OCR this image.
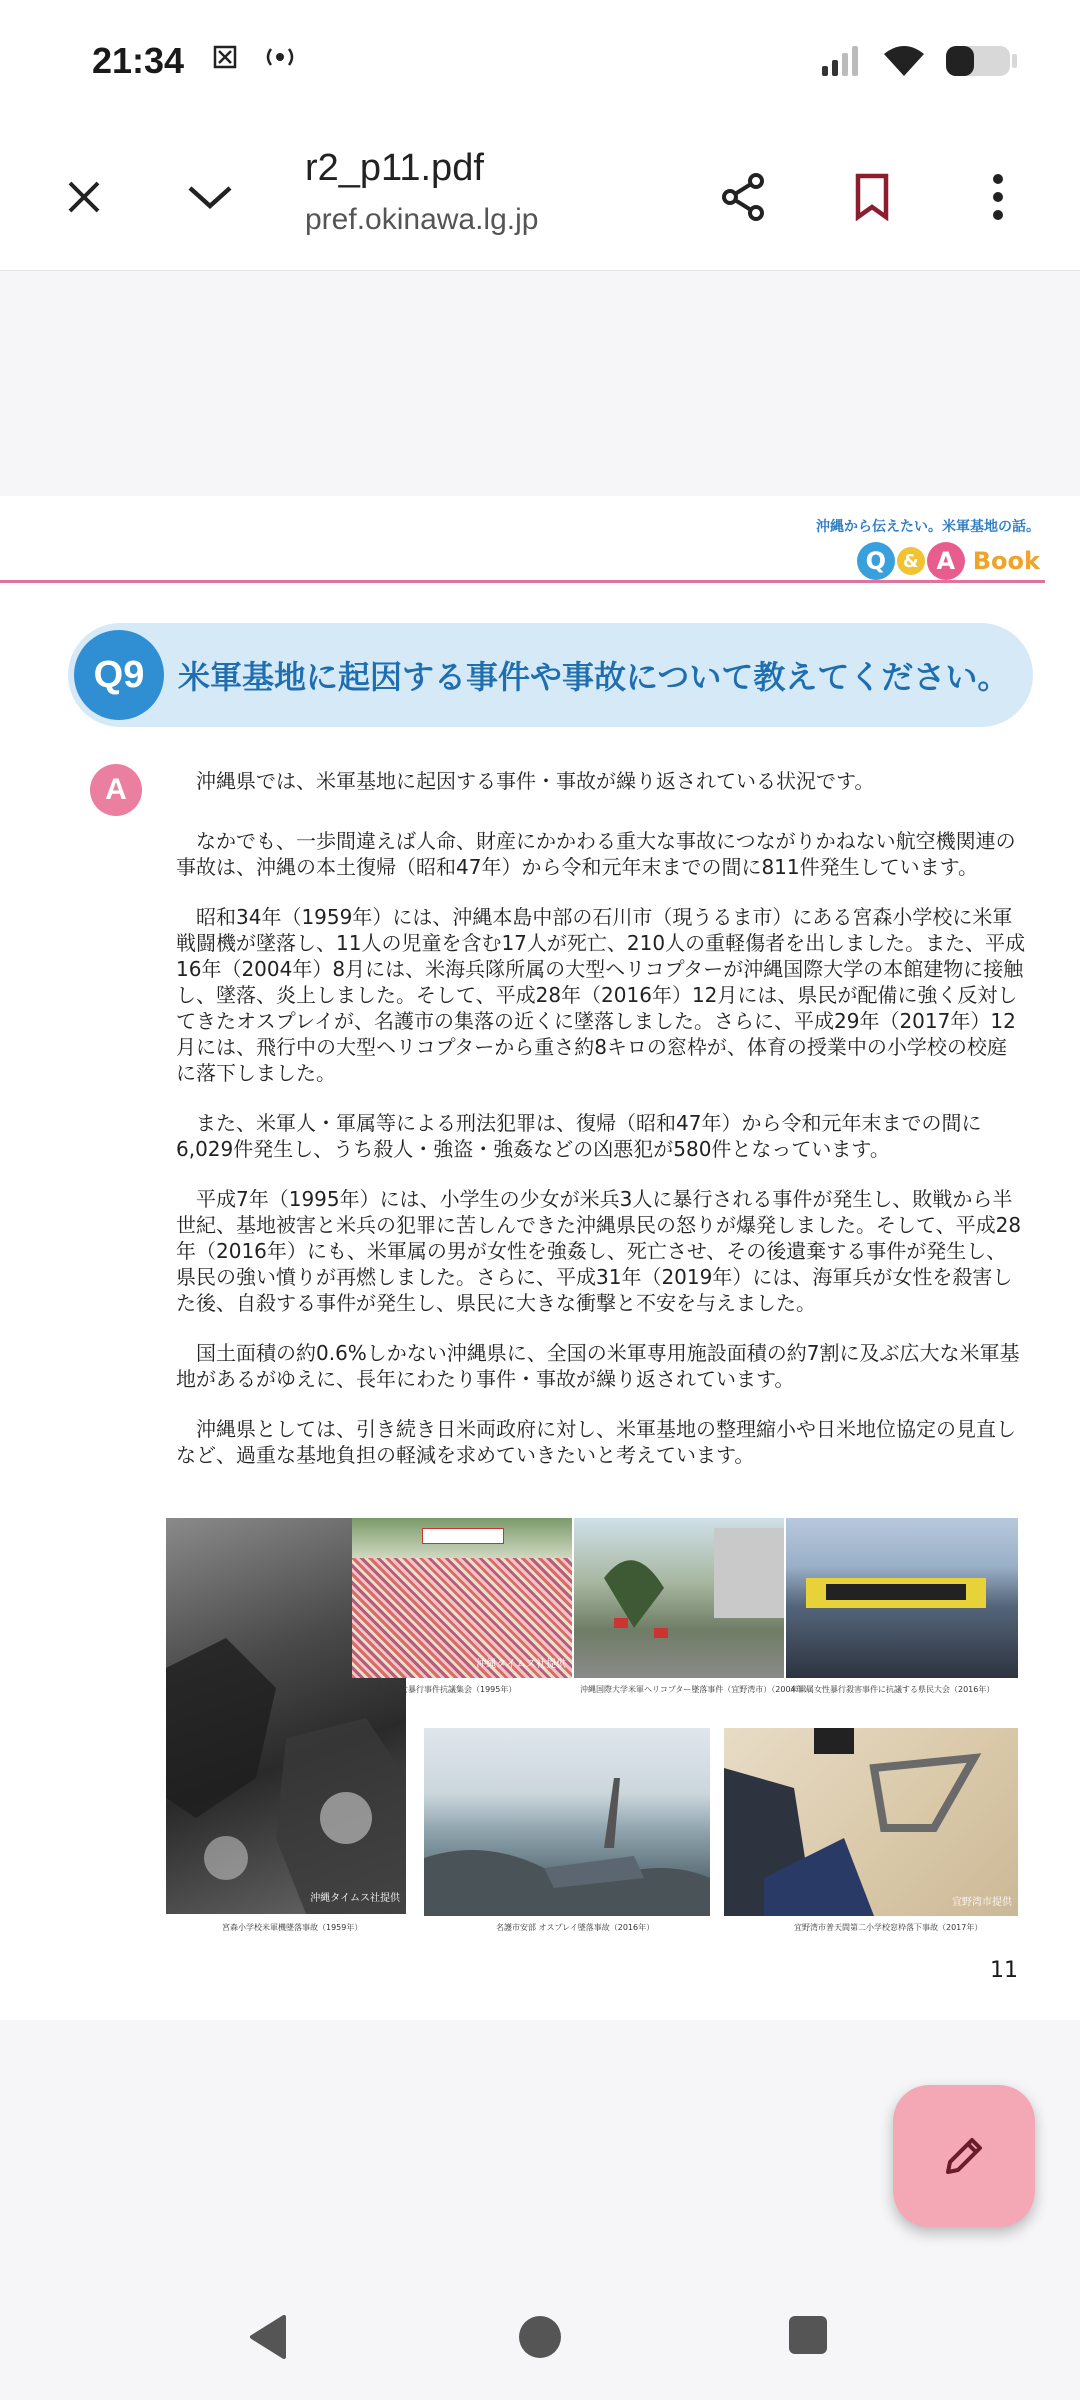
21:34
r2_p11.pdf
pref.okinawa.lg.jp
沖縄から伝えたい。米軍基地の話。
Q & A Book
Q9	米軍基地に起因する事件や事故について教えてください。
A	沖縄県では、米軍基地に起因する事件・事故が繰り返されている状況です。

なかでも、一歩間違えば人命、財産にかかわる重大な事故につながりかねない航空機関連の事故は、沖縄の本土復帰（昭和47年）から令和元年末までの間に811件発生しています。

昭和34年（1959年）には、沖縄本島中部の石川市（現うるま市）にある宮森小学校に米軍戦闘機が墜落し、11人の児童を含む17人が死亡、210人の重軽傷者を出しました。また、平成16年（2004年）8月には、米海兵隊所属の大型ヘリコプターが沖縄国際大学の本館建物に接触し、墜落、炎上しました。そして、平成28年（2016年）12月には、県民が配備に強く反対してきたオスプレイが、名護市の集落の近くに墜落しました。さらに、平成29年（2017年）12月には、飛行中の大型ヘリコプターから重さ約8キロの窓枠が、体育の授業中の小学校の校庭に落下しました。

また、米軍人・軍属等による刑法犯罪は、復帰（昭和47年）から令和元年末までの間に6,029件発生し、うち殺人・強盗・強姦などの凶悪犯が580件となっています。

平成7年（1995年）には、小学生の少女が米兵3人に暴行される事件が発生し、敗戦から半世紀、基地被害と米兵の犯罪に苦しんできた沖縄県民の怒りが爆発しました。そして、平成28年（2016年）にも、米軍属の男が女性を強姦し、死亡させ、その後遺棄する事件が発生し、県民の強い憤りが再燃しました。さらに、平成31年（2019年）には、海軍兵が女性を殺害した後、自殺する事件が発生し、県民に大きな衝撃と不安を与えました。

国土面積の約0.6%しかない沖縄県に、全国の米軍専用施設面積の約7割に及ぶ広大な米軍基地があるがゆえに、長年にわたり事件・事故が繰り返されています。

沖縄県としては、引き続き日米両政府に対し、米軍基地の整理縮小や日米地位協定の見直しなど、過重な基地負担の軽減を求めていきたいと考えています。

沖縄タイムス社提供
沖縄タイムス社提供
米兵少女暴行事件抗議集会（1995年）	沖縄国際大学米軍ヘリコプター墜落事件（宜野湾市）（2004年）
米軍属女性暴行殺害事件に抗議する県民大会（2016年）
宜野湾市提供
宮森小学校米軍機墜落事故（1959年）	名護市安部 オスプレイ墜落事故（2016年）	宜野湾市普天間第二小学校窓枠落下事故（2017年）
11
